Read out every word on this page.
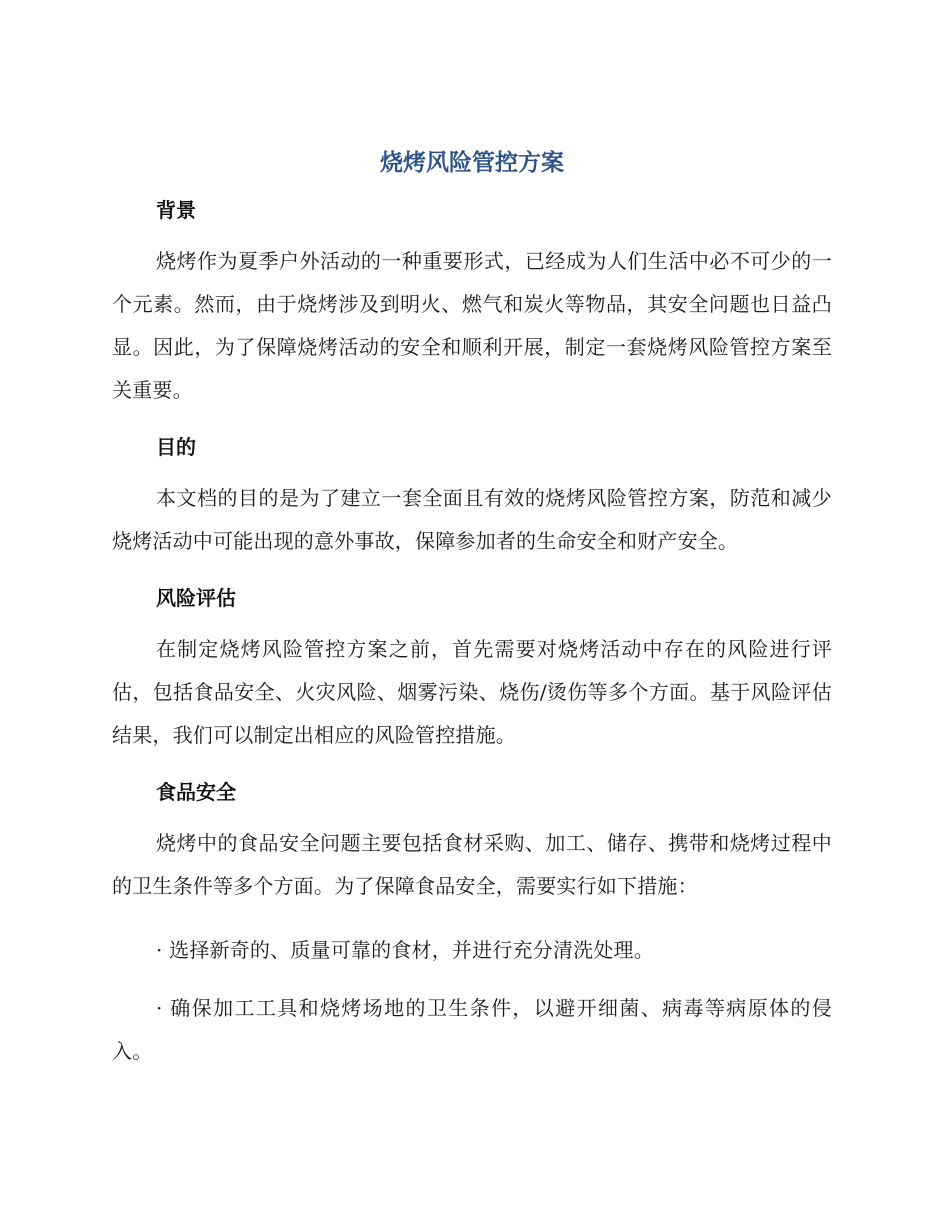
烧烤风险管控方案
背景

烧烤作为夏季户外活动的一种重要形式，已经成为人们生活中必不可少的一个元素。然而，由于烧烤涉及到明火、燃气和炭火等物品，其安全问题也日益凸显。因此，为了保障烧烤活动的安全和顺利开展，制定一套烧烤风险管控方案至关重要。

目的

本文档的目的是为了建立一套全面且有效的烧烤风险管控方案，防范和减少烧烤活动中可能出现的意外事故，保障参加者的生命安全和财产安全。

风险评估

在制定烧烤风险管控方案之前，首先需要对烧烤活动中存在的风险进行评估，包括食品安全、火灾风险、烟雾污染、烧伤/烫伤等多个方面。基于风险评估结果，我们可以制定出相应的风险管控措施。

食品安全

烧烤中的食品安全问题主要包括食材采购、加工、储存、携带和烧烤过程中的卫生条件等多个方面。为了保障食品安全，需要实行如下措施：

· 选择新奇的、质量可靠的食材，并进行充分清洗处理。

· 确保加工工具和烧烤场地的卫生条件，以避开细菌、病毒等病原体的侵入。
